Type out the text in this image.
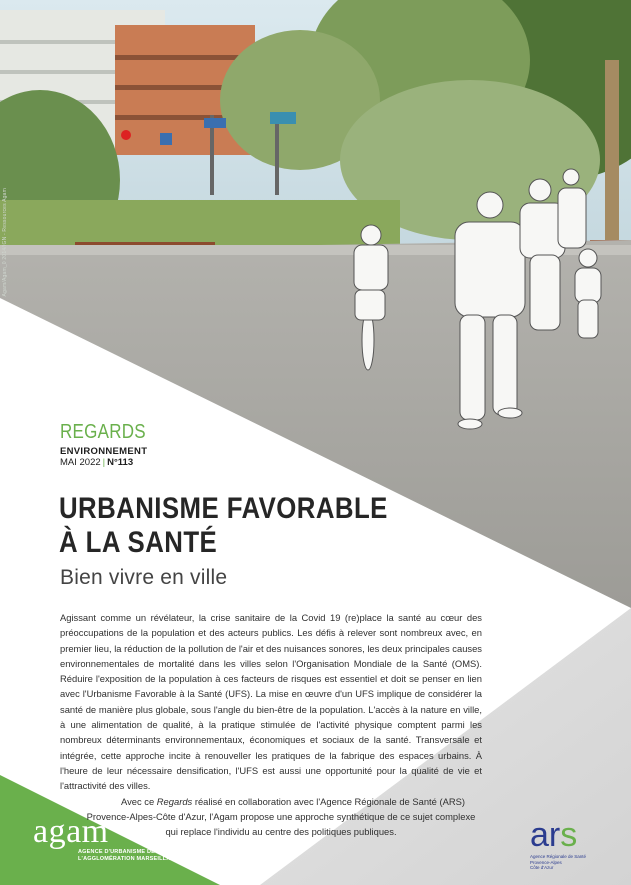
Agam/Agam_0 2014/IGN - Ressources Agam
REGARDS
ENVIRONNEMENT
MAI 2022 | N°113
URBANISME FAVORABLE
À LA SANTÉ
Bien vivre en ville

Agissant comme un révélateur, la crise sanitaire de la Covid 19 (re)place la santé au cœur des préoccupations de la population et des acteurs publics. Les défis à relever sont nombreux avec, en premier lieu, la réduction de la pollution de l'air et des nuisances sonores, les deux principales causes environnementales de mortalité dans les villes selon l'Organisation Mondiale de la Santé (OMS). Réduire l'exposition de la population à ces facteurs de risques est essentiel et doit se penser en lien avec l'Urbanisme Favorable à la Santé (UFS). La mise en œuvre d'un UFS implique de considérer la santé de manière plus globale, sous l'angle du bien-être de la population. L'accès à la nature en ville, à une alimentation de qualité, à la pratique stimulée de l'activité physique comptent parmi les nombreux déterminants environnementaux, économiques et sociaux de la santé. Transversale et intégrée, cette approche incite à renouveller les pratiques de la fabrique des espaces urbains. À l'heure de leur nécessaire densification, l'UFS est aussi une opportunité pour la qualité de vie et l'attractivité des villes.

Avec ce Regards réalisé en collaboration avec l'Agence Régionale de Santé (ARS) Provence-Alpes-Côte d'Azur, l'Agam propose une approche synthétique de ce sujet complexe qui replace l'individu au centre des politiques publiques.

agam
AGENCE D'URBANISME DE
L'AGGLOMÉRATION MARSEILLAISE
ars
Agence Régionale de Santé
Provence-Alpes
Côte d'Azur
